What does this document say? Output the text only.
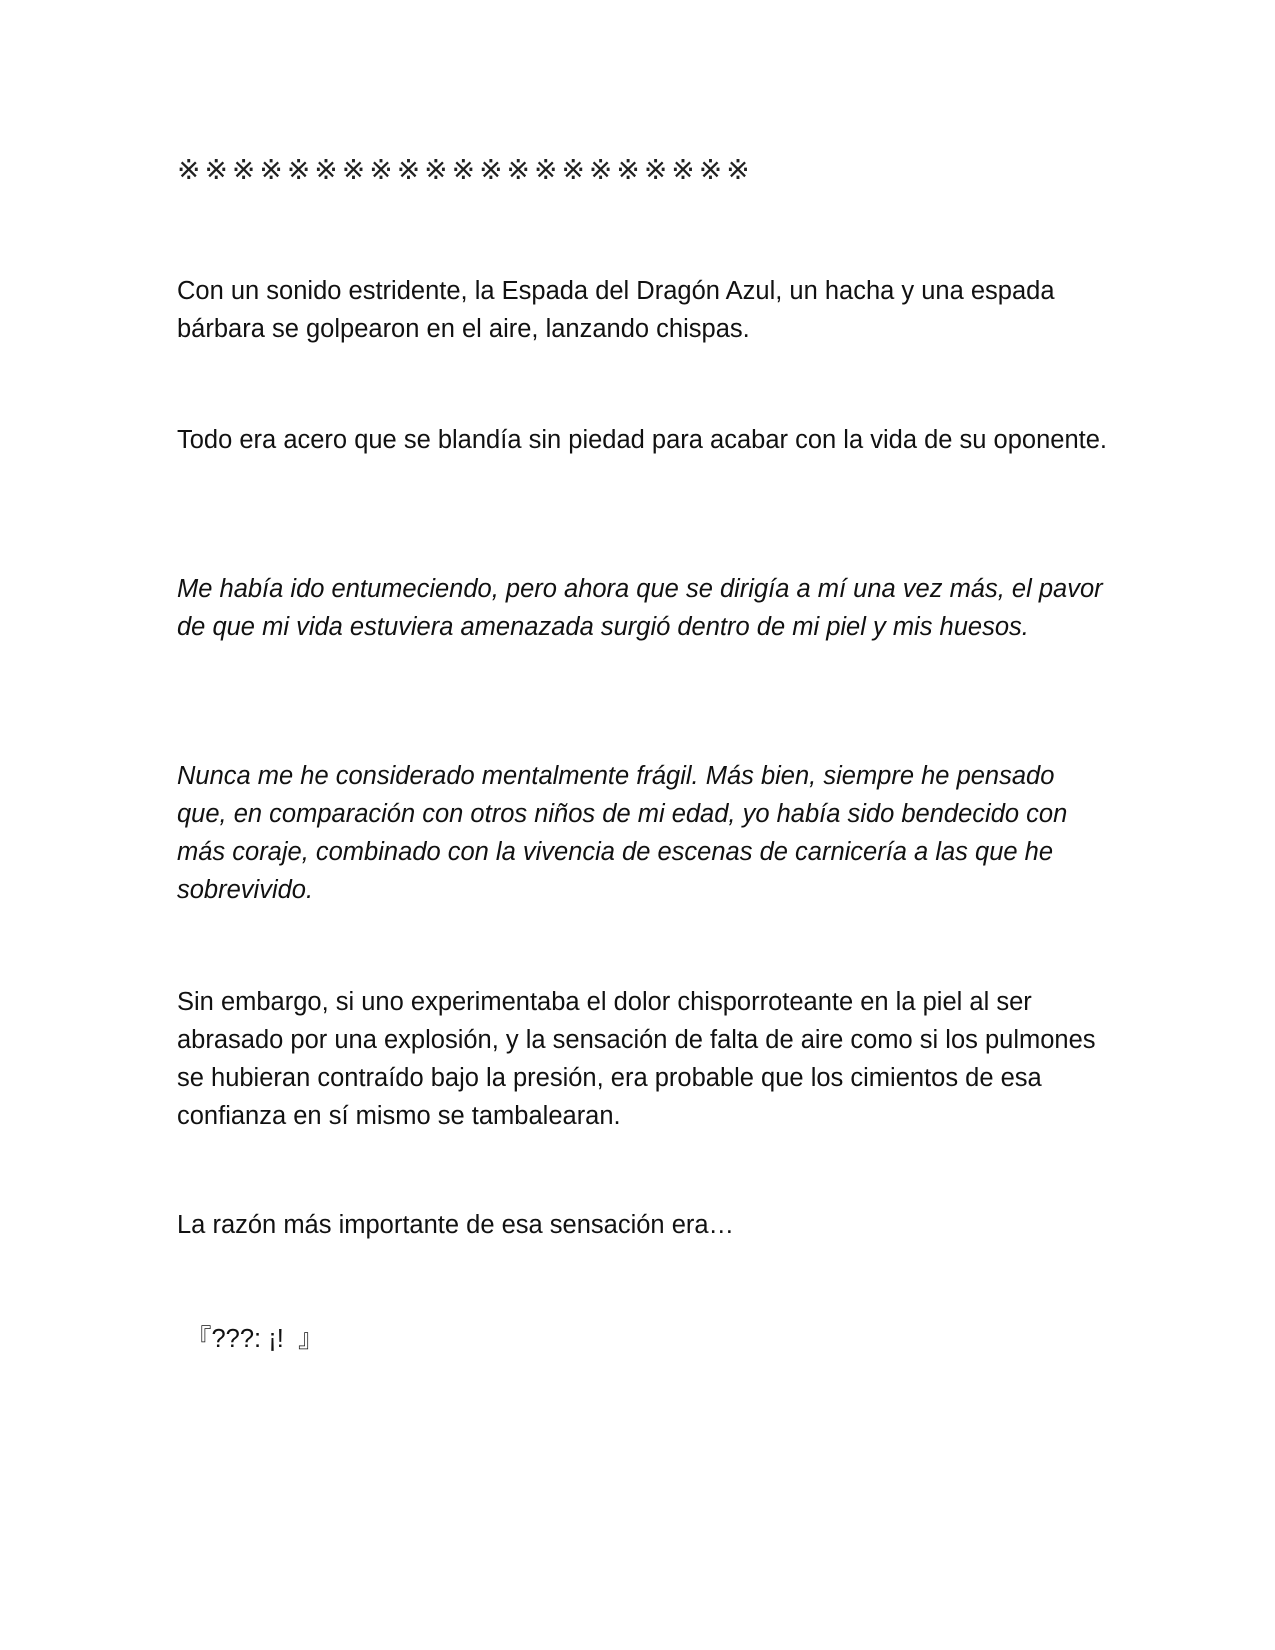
※※※※※※※※※※※※※※※※※※※※※

Con un sonido estridente, la Espada del Dragón Azul, un hacha y una espada bárbara se golpearon en el aire, lanzando chispas.

Todo era acero que se blandía sin piedad para acabar con la vida de su oponente.

Me había ido entumeciendo, pero ahora que se dirigía a mí una vez más, el pavor de que mi vida estuviera amenazada surgió dentro de mi piel y mis huesos.

Nunca me he considerado mentalmente frágil. Más bien, siempre he pensado que, en comparación con otros niños de mi edad, yo había sido bendecido con más coraje, combinado con la vivencia de escenas de carnicería a las que he sobrevivido.

Sin embargo, si uno experimentaba el dolor chisporroteante en la piel al ser abrasado por una explosión, y la sensación de falta de aire como si los pulmones se hubieran contraído bajo la presión, era probable que los cimientos de esa confianza en sí mismo se tambalearan.

La razón más importante de esa sensación era…

『???: ¡!  』
